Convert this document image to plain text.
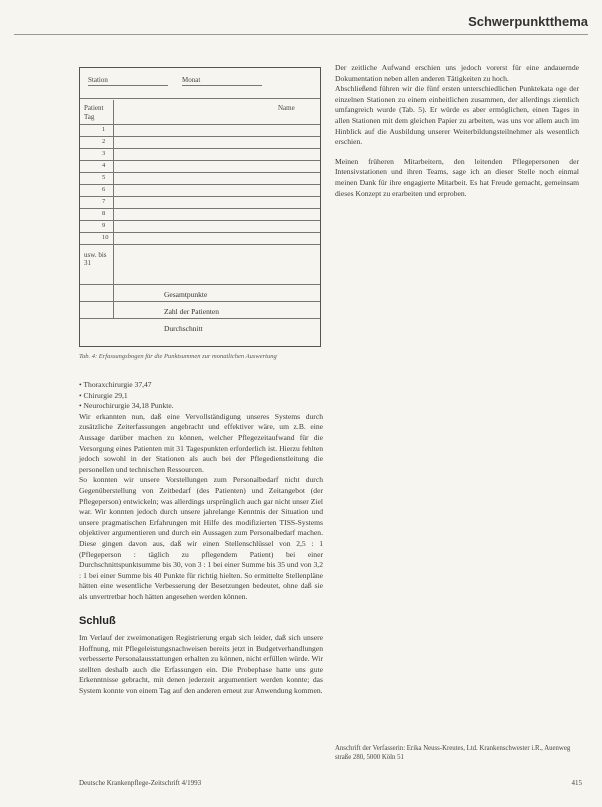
Schwerpunktthema
Station	Monat
Patient
Tag
Name
1
2
3
4
5
6
7
8
9
10
usw. bis 31
Gesamtpunkte
Zahl der Patienten
Durchschnitt
Tab. 4: Erfassungsbogen für die Punktsummen zur monatlichen Auswertung

• Thoraxchirurgie 37,47

• Chirurgie 29,1

• Neurochirurgie 34,18 Punkte.

Wir erkannten nun, daß eine Vervollständigung unseres Systems durch zusätzliche Zeiterfassungen angebracht und effektiver wäre, um z.B. eine Aussage darüber machen zu können, welcher Pflegezeitaufwand für die Versorgung eines Patienten mit 31 Tagespunkten erforderlich ist. Hierzu fehlten jedoch sowohl in der Stationen als auch bei der Pflegedienstleitung die personellen und technischen Ressourcen.

So konnten wir unsere Vorstellungen zum Personalbedarf nicht durch Gegenüberstellung von Zeitbedarf (des Patienten) und Zeitangebot (der Pflegeperson) entwickeln; was allerdings ursprünglich auch gar nicht unser Ziel war. Wir konnten jedoch durch unsere jahrelange Kenntnis der Situation und unsere pragmatischen Erfahrungen mit Hilfe des modifizierten TISS-Systems objektiver argumentieren und durch ein Aussagen zum Personalbedarf machen. Diese gingen davon aus, daß wir einen Stellenschlüssel von 2,5 : 1 (Pflegeperson : täglich zu pflegendem Patient) bei einer Durchschnittspunktsumme bis 30, von 3 : 1 bei einer Summe bis 35 und von 3,2 : 1 bei einer Summe bis 40 Punkte für richtig hielten. So ermittelte Stellenpläne hätten eine wesentliche Verbesserung der Besetzungen bedeutet, ohne daß sie als unvertretbar hoch hätten angesehen werden können.

Schluß

Im Verlauf der zweimonatigen Registrierung ergab sich leider, daß sich unsere Hoffnung, mit Pflegeleistungsnachweisen bereits jetzt in Budgetverhandlungen verbesserte Personalausstattungen erhalten zu können, nicht erfüllen würde. Wir stellten deshalb auch die Erfassungen ein. Die Probephase hatte uns gute Erkenntnisse gebracht, mit denen jederzeit argumentiert werden konnte; das System konnte von einem Tag auf den anderen erneut zur Anwendung kommen.

Der zeitliche Aufwand erschien uns jedoch vorerst für eine andauernde Dokumentation neben allen anderen Tätigkeiten zu hoch.

Abschließend führen wir die fünf ersten unterschiedlichen Punktekata oge der einzelnen Stationen zu einem einheitlichen zusammen, der allerdings ziemlich umfangreich wurde (Tab. 5). Er würde es aber ermöglichen, einen Tages in allen Stationen mit dem gleichen Papier zu arbeiten, was uns vor allem auch im Hinblick auf die Ausbildung unserer Weiterbildungsteilnehmer als wesentlich erschien.

Meinen früheren Mitarbeitern, den leitenden Pflegepersonen der Intensivstationen und ihren Teams, sage ich an dieser Stelle noch einmal meinen Dank für ihre engagierte Mitarbeit. Es hat Freude gemacht, gemeinsam dieses Konzept zu erarbeiten und erproben.

Anschrift der Verfasserin: Erika Neuss-Kreutes, Ltd. Krankenschwester i.R., Auenweg straße 280, 5000 Köln 51
Deutsche Krankenpflege-Zeitschrift 4/1993	415
